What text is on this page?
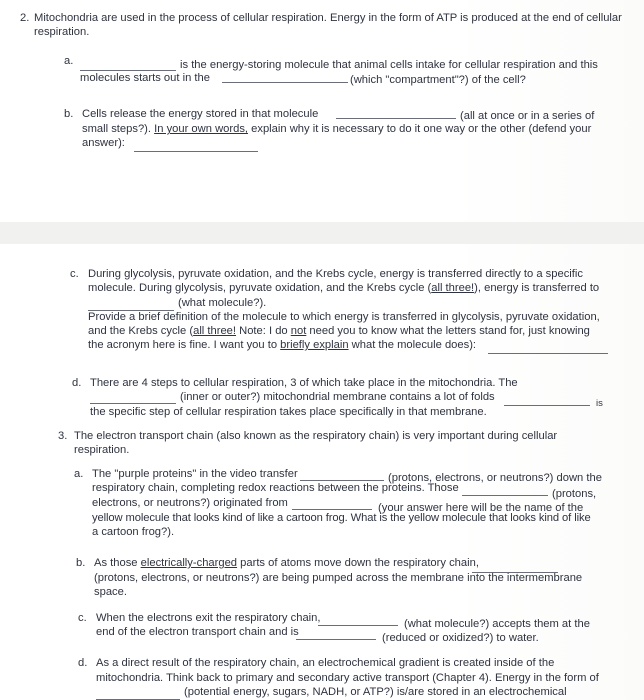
2. Mitochondria are used in the process of cellular respiration. Energy in the form of ATP is produced at the end of cellular respiration.
a.	is the energy-storing molecule that animal cells intake for cellular respiration and this
molecules starts out in the	(which "compartment"?) of the cell?
b. Cells release the energy stored in that molecule	(all at once or in a series of
small steps?). In your own words, explain why it is necessary to do it one way or the other (defend your
answer):
c. During glycolysis, pyruvate oxidation, and the Krebs cycle, energy is transferred directly to a specific
molecule. During glycolysis, pyruvate oxidation, and the Krebs cycle (all three!), energy is transferred to
(what molecule?).
Provide a brief definition of the molecule to which energy is transferred in glycolysis, pyruvate oxidation,
and the Krebs cycle (all three! Note: I do not need you to know what the letters stand for, just knowing
the acronym here is fine. I want you to briefly explain what the molecule does):
d. There are 4 steps to cellular respiration, 3 of which take place in the mitochondria. The
(inner or outer?) mitochondrial membrane contains a lot of folds
is
the specific step of cellular respiration takes place specifically in that membrane.
3. The electron transport chain (also known as the respiratory chain) is very important during cellular respiration.
a. The "purple proteins" in the video transfer	(protons, electrons, or neutrons?) down the
respiratory chain, completing redox reactions between the proteins. Those	(protons,
electrons, or neutrons?) originated from	(your answer here will be the name of the
yellow molecule that looks kind of like a cartoon frog. What is the yellow molecule that looks kind of like
a cartoon frog?).
b. As those electrically-charged parts of atoms move down the respiratory chain,
(protons, electrons, or neutrons?) are being pumped across the membrane into the intermembrane
space.
c. When the electrons exit the respiratory chain,	(what molecule?) accepts them at the
end of the electron transport chain and is	(reduced or oxidized?) to water.
d. As a direct result of the respiratory chain, an electrochemical gradient is created inside of the
mitochondria. Think back to primary and secondary active transport (Chapter 4). Energy in the form of
(potential energy, sugars, NADH, or ATP?) is/are stored in an electrochemical
